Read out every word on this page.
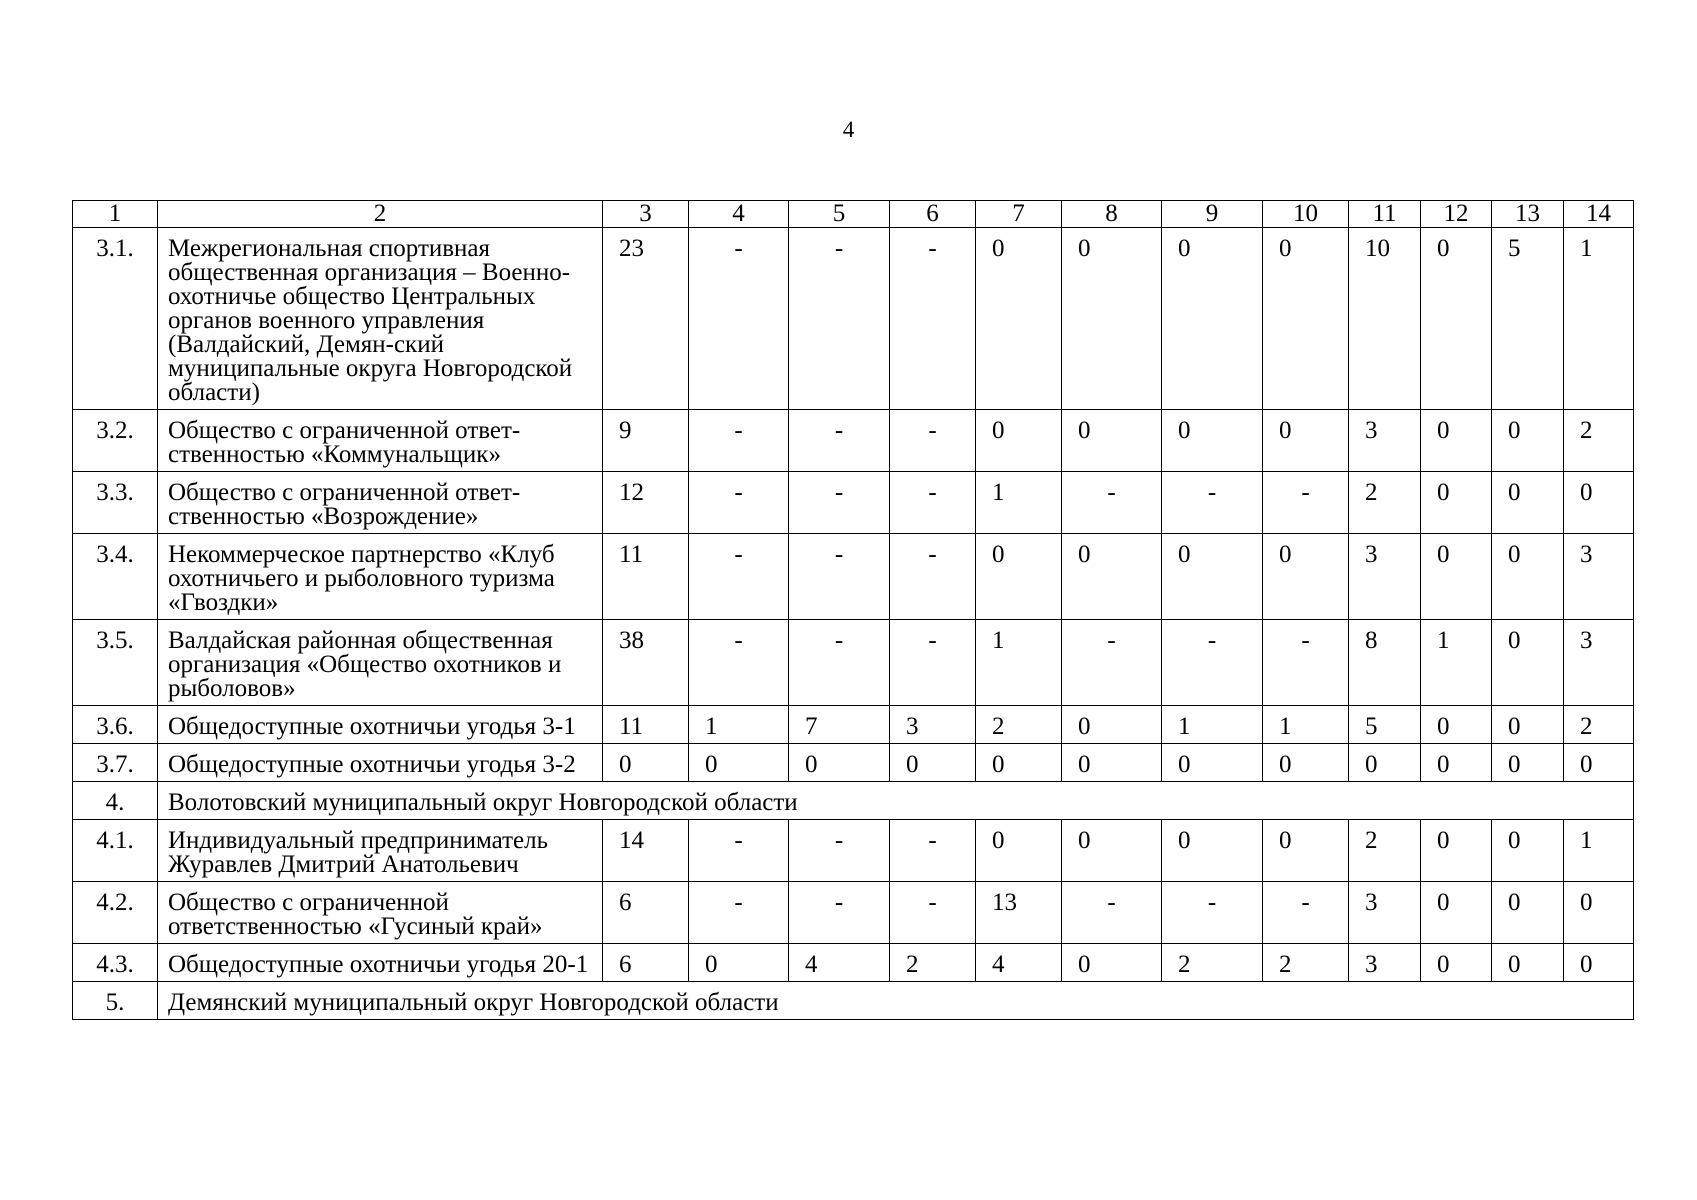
4
1	2	3	4	5	6	7	8	9	10	11	12	13	14
3.1.	Межрегиональная спортивная общественная организация – Военно-охотничье общество Центральных органов военного управления (Валдайский, Демян-ский муниципальные округа Новгородской области)	23	-	-	-	0	0	0	0	10	0	5	1
3.2.	Общество с ограниченной ответ-ственностью «Коммунальщик»	9	-	-	-	0	0	0	0	3	0	0	2
3.3.	Общество с ограниченной ответ-ственностью «Возрождение»	12	-	-	-	1	-	-	-	2	0	0	0
3.4.	Некоммерческое партнерство «Клуб охотничьего и рыболовного туризма «Гвоздки»	11	-	-	-	0	0	0	0	3	0	0	3
3.5.	Валдайская районная общественная организация «Общество охотников и рыболовов»	38	-	-	-	1	-	-	-	8	1	0	3
3.6.	Общедоступные охотничьи угодья 3-1	11	1	7	3	2	0	1	1	5	0	0	2
3.7.	Общедоступные охотничьи угодья 3-2	0	0	0	0	0	0	0	0	0	0	0	0
4.	Волотовский муниципальный округ Новгородской области												
4.1.	Индивидуальный предприниматель Журавлев Дмитрий Анатольевич	14	-	-	-	0	0	0	0	2	0	0	1
4.2.	Общество с ограниченной ответственностью «Гусиный край»	6	-	-	-	13	-	-	-	3	0	0	0
4.3.	Общедоступные охотничьи угодья 20-1	6	0	4	2	4	0	2	2	3	0	0	0
5.	Демянский муниципальный округ Новгородской области												
